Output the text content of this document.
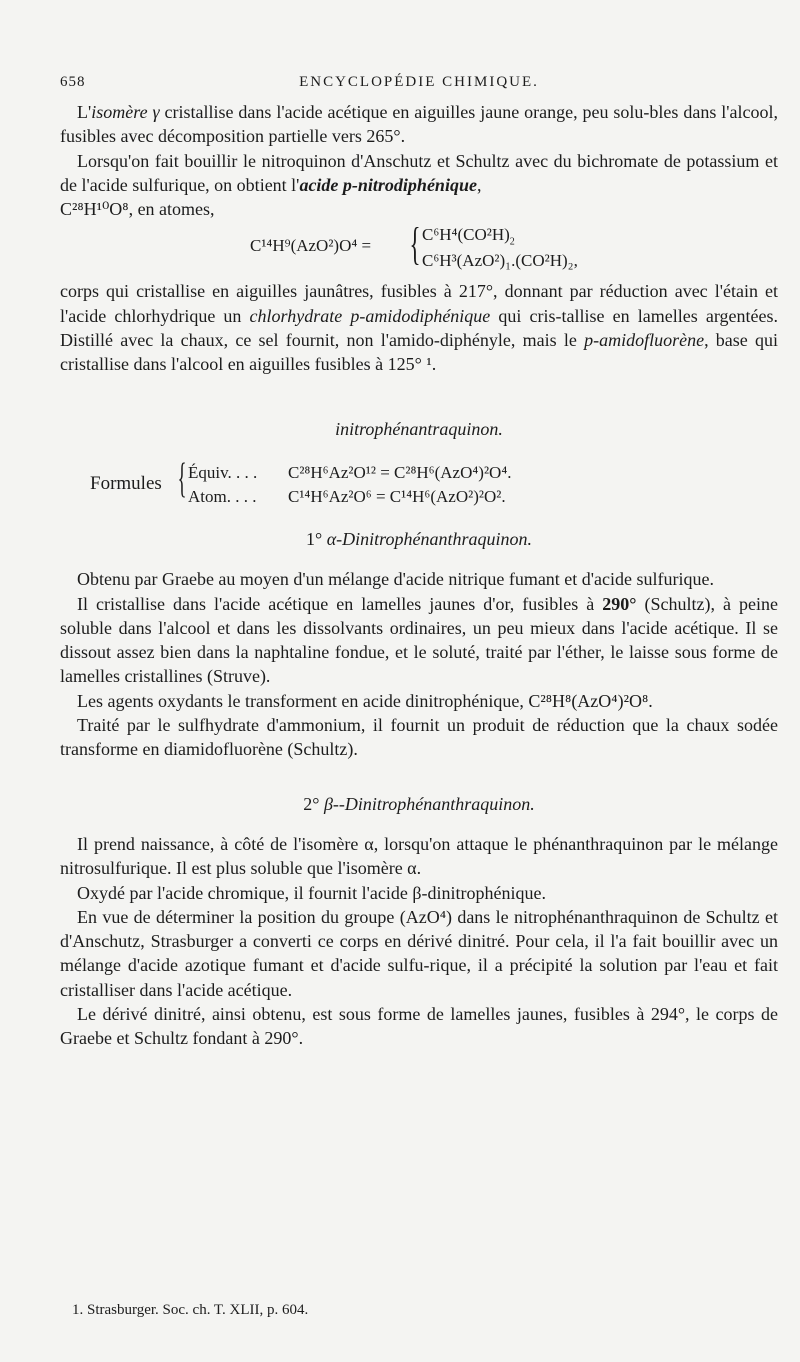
658	ENCYCLOPÉDIE CHIMIQUE.

L'isomère γ cristallise dans l'acide acétique en aiguilles jaune orange, peu solu-bles dans l'alcool, fusibles avec décomposition partielle vers 265°.

Lorsqu'on fait bouillir le nitroquinon d'Anschutz et Schultz avec du bichromate de potassium et de l'acide sulfurique, on obtient l'acide p-nitrodiphénique,
C²⁸H¹⁰O⁸, en atomes,

C¹⁴H⁹(AzO²)O⁴ = { $C^6H^4(CO^2H)_2$
C⁶H³(AzO²)₁.(CO²H)₂,

corps qui cristallise en aiguilles jaunâtres, fusibles à 217°, donnant par réduction avec l'étain et l'acide chlorhydrique un chlorhydrate p-amidodiphénique qui cris-tallise en lamelles argentées. Distillé avec la chaux, ce sel fournit, non l'amido-diphényle, mais le p-amidofluorène, base qui cristallise dans l'alcool en aiguilles fusibles à 125° ¹.

initrophénantraquinon.

Formules { Équiv. . . . C²⁸H⁶Az²O¹² = C²⁸H⁶(AzO⁴)²O⁴.
Atom. . . . C¹⁴H⁶Az²O⁶ = C¹⁴H⁶(AzO²)²O².

1° α-Dinitrophénanthraquinon.

Obtenu par Graebe au moyen d'un mélange d'acide nitrique fumant et d'acide sulfurique.

Il cristallise dans l'acide acétique en lamelles jaunes d'or, fusibles à 290° (Schultz), à peine soluble dans l'alcool et dans les dissolvants ordinaires, un peu mieux dans l'acide acétique. Il se dissout assez bien dans la naphtaline fondue, et le soluté, traité par l'éther, le laisse sous forme de lamelles cristallines (Struve).

Les agents oxydants le transforment en acide dinitrophénique, C²⁸H⁸(AzO⁴)²O⁸.

Traité par le sulfhydrate d'ammonium, il fournit un produit de réduction que la chaux sodée transforme en diamidofluorène (Schultz).

2° β--Dinitrophénanthraquinon.

Il prend naissance, à côté de l'isomère α, lorsqu'on attaque le phénanthraquinon par le mélange nitrosulfurique. Il est plus soluble que l'isomère α.

Oxydé par l'acide chromique, il fournit l'acide β-dinitrophénique.

En vue de déterminer la position du groupe (AzO⁴) dans le nitrophénanthraquinon de Schultz et d'Anschutz, Strasburger a converti ce corps en dérivé dinitré. Pour cela, il l'a fait bouillir avec un mélange d'acide azotique fumant et d'acide sulfu-rique, il a précipité la solution par l'eau et fait cristalliser dans l'acide acétique.

Le dérivé dinitré, ainsi obtenu, est sous forme de lamelles jaunes, fusibles à 294°, le corps de Graebe et Schultz fondant à 290°.

1. Strasburger. Soc. ch. T. XLII, p. 604.
